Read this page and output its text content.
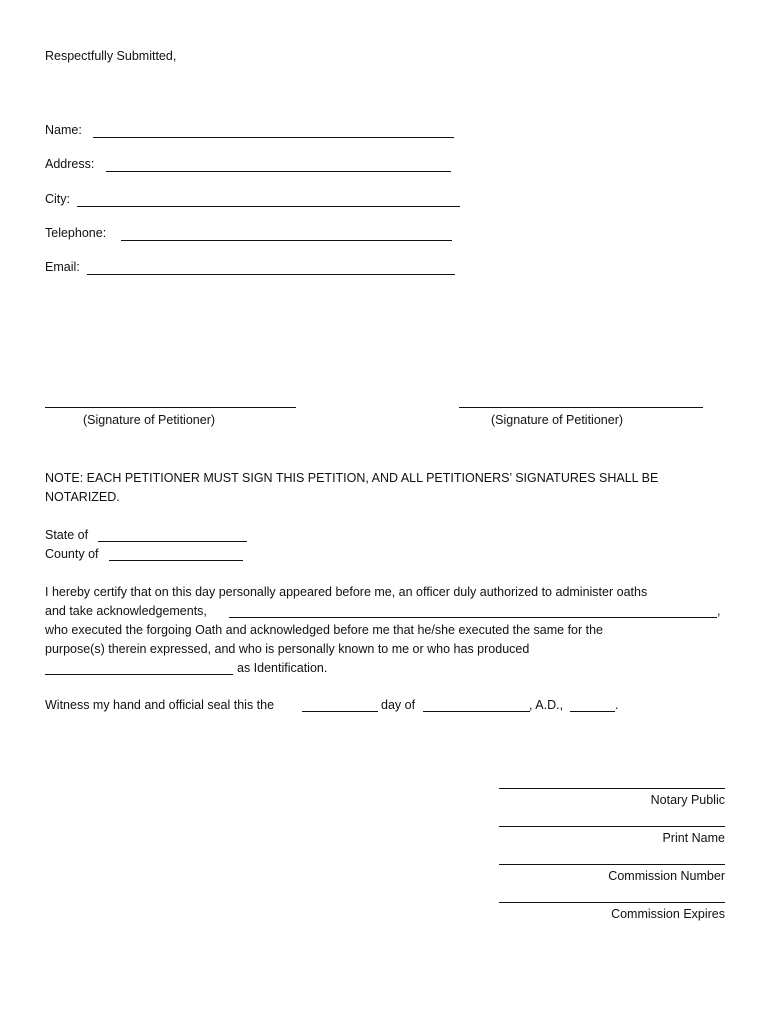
Respectfully Submitted,
Name:
Address:
City:
Telephone:
Email:
(Signature of Petitioner)	(Signature of Petitioner)
NOTE: EACH PETITIONER MUST SIGN THIS PETITION, AND ALL PETITIONERS’ SIGNATURES SHALL BE
NOTARIZED.
State of
County of
I hereby certify that on this day personally appeared before me, an officer duly authorized to administer oaths
and take acknowledgements,	,
who executed the forgoing Oath and acknowledged before me that he/she executed the same for the
purpose(s) therein expressed, and who is personally known to me or who has produced
as Identification.
Witness my hand and official seal this the	day of	, A.D.,	.
Notary Public
Print Name
Commission Number
Commission Expires
